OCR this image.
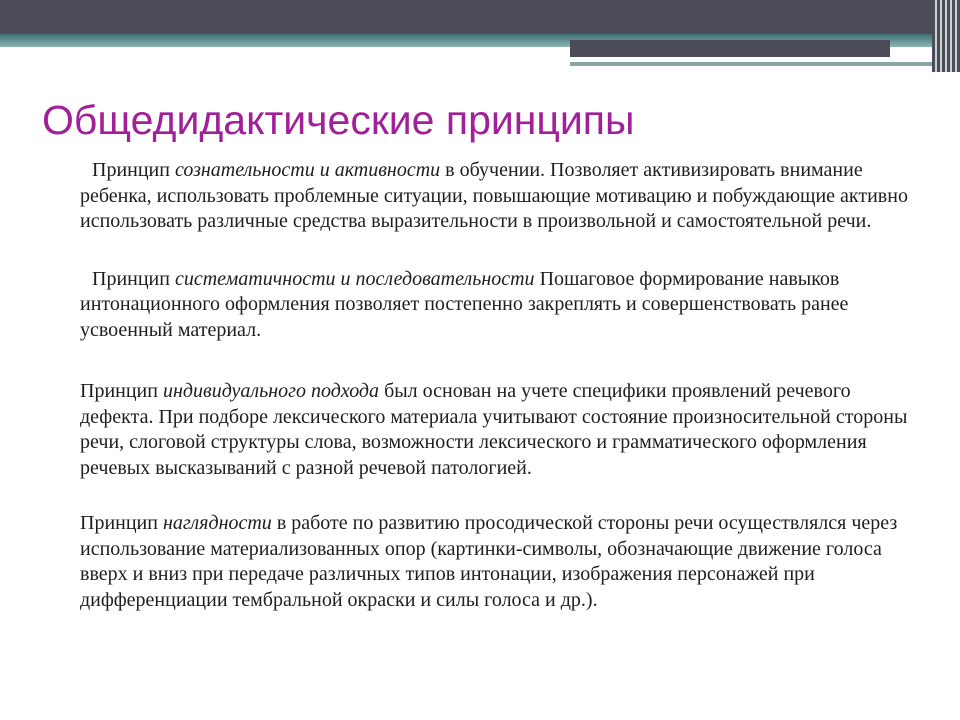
Общедидактические принципы

Принцип сознательности и активности в обучении. Позволяет активизировать внимание ребенка, использовать проблемные ситуации, повышающие мотивацию и побуждающие активно использовать различные средства выразительности в произвольной и самостоятельной речи.

Принцип систематичности и последовательности Пошаговое формирование навыков интонационного оформления позволяет постепенно закреплять и совершенствовать ранее усвоенный материал.

Принцип индивидуального подхода был основан на учете специфики проявлений речевого дефекта. При подборе лексического материала учитывают состояние произносительной стороны речи, слоговой структуры слова, возможности лексического и грамматического оформления речевых высказываний с разной речевой патологией.

Принцип наглядности в работе по развитию просодической стороны речи осуществлялся через использование материализованных опор (картинки-символы, обозначающие движение голоса вверх и вниз при передаче различных типов интонации, изображения персонажей при дифференциации тембральной окраски и силы голоса и др.).
